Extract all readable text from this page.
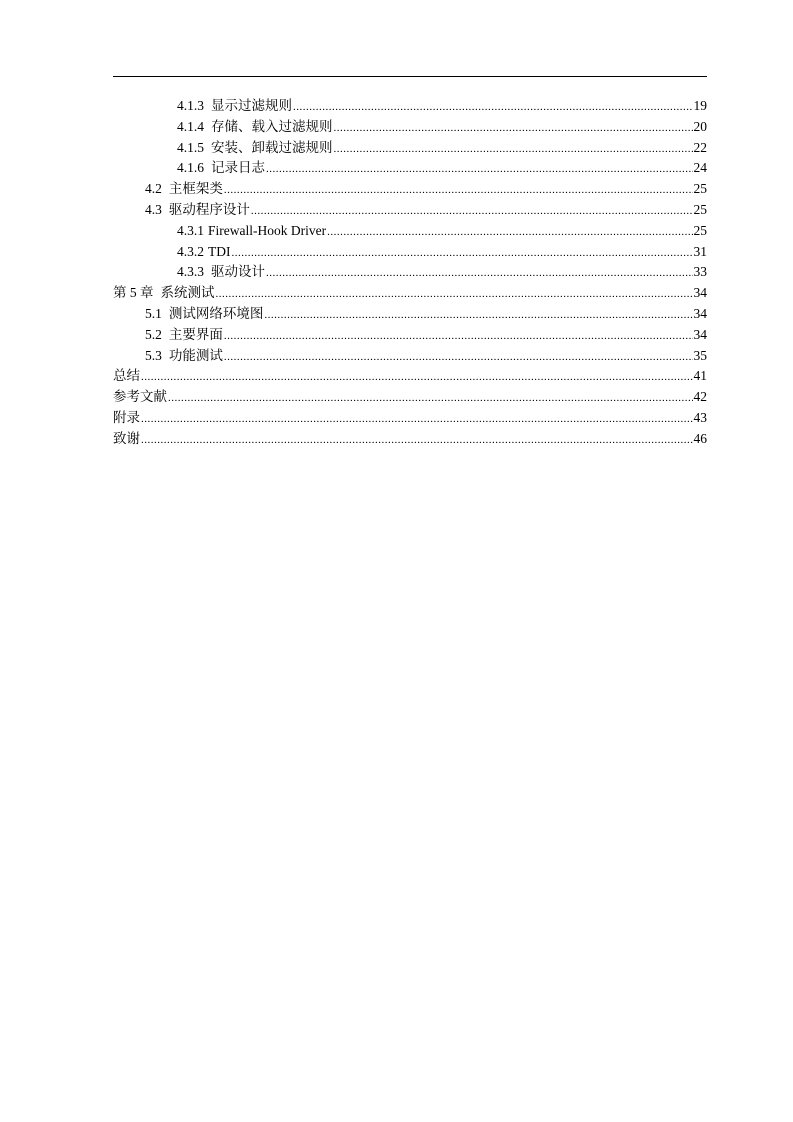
4.1.3 显示过滤规则 .....	19
4.1.4 存储、载入过滤规则 .....	20
4.1.5 安装、卸载过滤规则 .....	22
4.1.6 记录日志 .....	24
4.2 主框架类 .....	25
4.3 驱动程序设计 .....	25
4.3.1 Firewall-Hook Driver .....	25
4.3.2 TDI .....	31
4.3.3 驱动设计 .....	33
第 5 章 系统测试 .....	34
5.1 测试网络环境图 .....	34
5.2 主要界面 .....	34
5.3 功能测试 .....	35
总结 .....	41
参考文献 .....	42
附录 .....	43
致谢 .....	46
